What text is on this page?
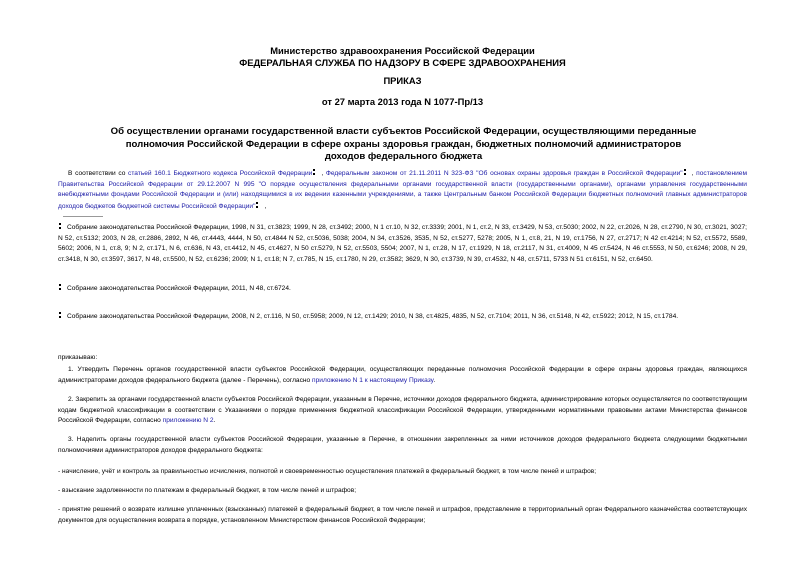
Министерство здравоохранения Российской Федерации
ФЕДЕРАЛЬНАЯ СЛУЖБА ПО НАДЗОРУ В СФЕРЕ ЗДРАВООХРАНЕНИЯ
ПРИКАЗ
от 27 марта 2013 года N 1077-Пр/13
Об осуществлении органами государственной власти субъектов Российской Федерации, осуществляющими переданные полномочия Российской Федерации в сфере охраны здоровья граждан, бюджетных полномочий администраторов доходов федерального бюджета
В соответствии со статьей 160.1 Бюджетного кодекса Российской Федерации , Федеральным законом от 21.11.2011 N 323-ФЗ "Об основах охраны здоровья граждан в Российской Федерации" , постановлением Правительства Российской Федерации от 29.12.2007 N 995 "О порядке осуществления федеральными органами государственной власти (государственными органами), органами управления государственными внебюджетными фондами Российской Федерации и (или) находящимися в их ведении казенными учреждениями, а также Центральным банком Российской Федерации бюджетных полномочий главных администраторов доходов бюджетов бюджетной системы Российской Федерации" ,
Собрание законодательства Российской Федерации, 1998, N 31, ст.3823; 1999, N 28, ст.3492; 2000, N 1 ст.10, N 32, ст.3339; 2001, N 1, ст.2, N 33, ст.3429, N 53, ст.5030; 2002, N 22, ст.2026, N 28, ст.2790, N 30, ст.3021, 3027; N 52, ст.5132; 2003, N 28, ст.2886, 2892, N 46, ст.4443, 4444, N 50, ст.4844 N 52, ст.5036, 5038; 2004, N 34, ст.3526, 3535, N 52, ст.5277, 5278; 2005, N 1, ст.8, 21, N 19, ст.1756, N 27, ст.2717; N 42 ст.4214; N 52, ст.5572, 5589, 5602; 2006, N 1, ст.8, 9; N 2, ст.171, N 6, ст.636, N 43, ст.4412, N 45, ст.4627, N 50 ст.5279, N 52, ст.5503, 5504; 2007, N 1, ст.28, N 17, ст.1929, N 18, ст.2117, N 31, ст.4009, N 45 ст.5424, N 46 ст.5553, N 50, ст.6246; 2008, N 29, ст.3418, N 30, ст.3597, 3617, N 48, ст.5500, N 52, ст.6236; 2009; N 1, ст.18; N 7, ст.785, N 15, ст.1780, N 29, ст.3582; 3629, N 30, ст.3739, N 39, ст.4532, N 48, ст.5711, 5733 N 51 ст.6151, N 52, ст.6450.
Собрание законодательства Российской Федерации, 2011, N 48, ст.6724.
Собрание законодательства Российской Федерации, 2008, N 2, ст.116, N 50, ст.5958; 2009, N 12, ст.1429; 2010, N 38, ст.4825, 4835, N 52, ст.7104; 2011, N 36, ст.5148, N 42, ст.5922; 2012, N 15, ст.1784.
приказываю:
1. Утвердить Перечень органов государственной власти субъектов Российской Федерации, осуществляющих переданные полномочия Российской Федерации в сфере охраны здоровья граждан, являющихся администраторами доходов федерального бюджета (далее - Перечень), согласно приложению N 1 к настоящему Приказу.
2. Закрепить за органами государственной власти субъектов Российской Федерации, указанным в Перечне, источники доходов федерального бюджета, администрирование которых осуществляется по соответствующим кодам бюджетной классификации в соответствии с Указаниями о порядке применения бюджетной классификации Российской Федерации, утвержденными нормативными правовыми актами Министерства финансов Российской Федерации, согласно приложению N 2.
3. Наделить органы государственной власти субъектов Российской Федерации, указанные в Перечне, в отношении закрепленных за ними источников доходов федерального бюджета следующими бюджетными полномочиями администраторов доходов федерального бюджета:
- начисление, учёт и контроль за правильностью исчисления, полнотой и своевременностью осуществления платежей в федеральный бюджет, в том числе пеней и штрафов;
- взыскание задолженности по платежам в федеральный бюджет, в том числе пеней и штрафов;
- принятие решений о возврате излишне уплаченных (взысканных) платежей в федеральный бюджет, в том числе пеней и штрафов, представление в территориальный орган Федерального казначейства соответствующих документов для осуществления возврата в порядке, установленном Министерством финансов Российской Федерации;
